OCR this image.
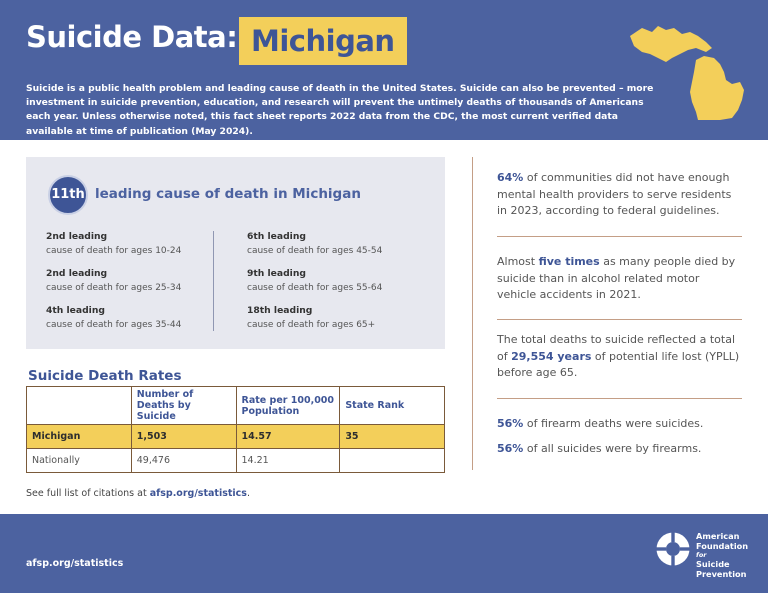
Suicide Data: Michigan
Suicide is a public health problem and leading cause of death in the United States. Suicide can also be prevented – more investment in suicide prevention, education, and research will prevent the untimely deaths of thousands of Americans each year. Unless otherwise noted, this fact sheet reports 2022 data from the CDC, the most current verified data available at time of publication (May 2024).
11th leading cause of death in Michigan
2nd leading
cause of death for ages 10-24
2nd leading
cause of death for ages 25-34
4th leading
cause of death for ages 35-44
6th leading
cause of death for ages 45-54
9th leading
cause of death for ages 55-64
18th leading
cause of death for ages 65+
Suicide Death Rates
	Number of Deaths by Suicide	Rate per 100,000 Population	State Rank
Michigan	1,503	14.57	35
Nationally	49,476	14.21	
See full list of citations at afsp.org/statistics.
64% of communities did not have enough mental health providers to serve residents in 2023, according to federal guidelines.
Almost five times as many people died by suicide than in alcohol related motor vehicle accidents in 2021.
The total deaths to suicide reflected a total of 29,554 years of potential life lost (YPLL) before age 65.
56% of firearm deaths were suicides.
56% of all suicides were by firearms.
afsp.org/statistics
American
Foundation
for
Suicide
Prevention
